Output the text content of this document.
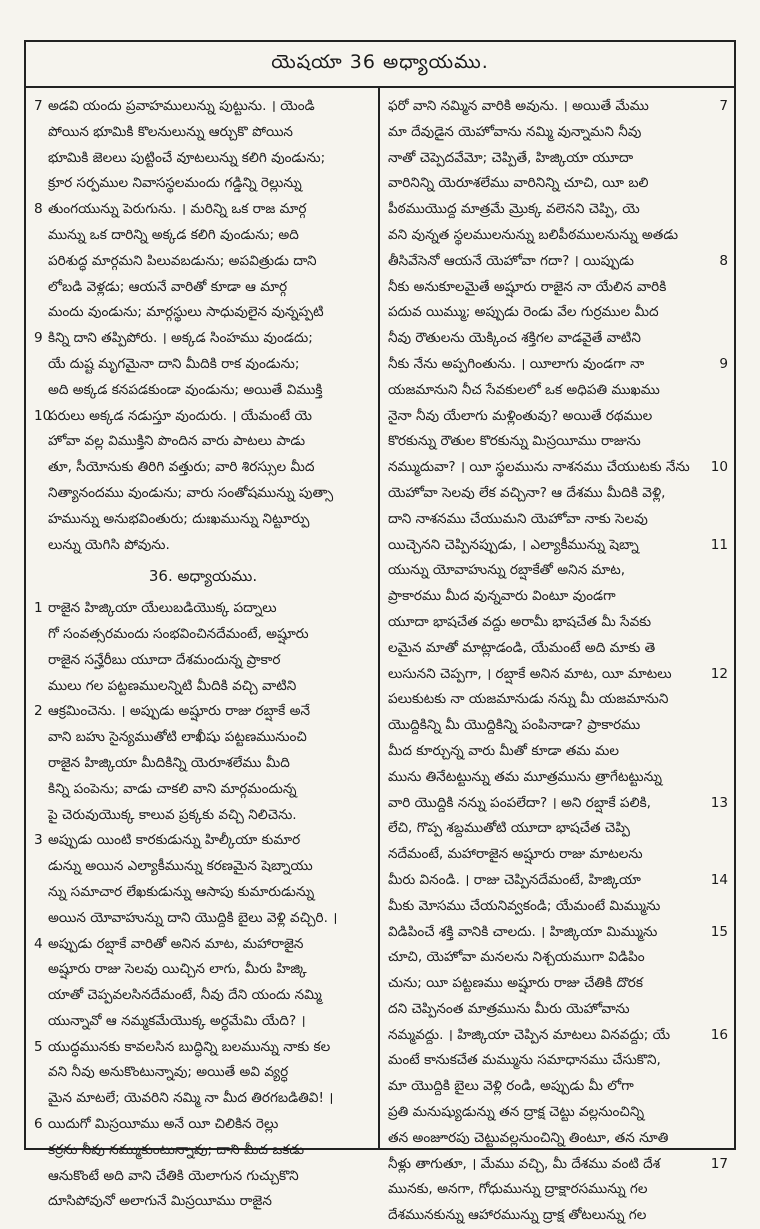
యెషయా 36 అధ్యాయము.
7 అడవి యందు ప్రవాహములున్ను పుట్టును. । యెండి
పోయిన భూమికి కొలనులున్ను ఆర్చుకొ పోయిన
భూమికి జెలలు పుట్టించే వూటలున్ను కలిగి వుండును;
క్రూర సర్పముల నివాసస్థలమందు గడ్డిన్ని రెల్లున్ను
8 తుంగయున్ను పెరుగును. । మరిన్ని ఒక రాజ మార్గ
మున్ను ఒక దారిన్ని అక్కడ కలిగి వుండును; అది
పరిశుద్ధ మార్గమని పిలువబడును; అపవిత్రుడు దాని
లోబడి వెళ్లడు; ఆయనే వారితో కూడా ఆ మార్గ
మందు వుండును; మార్గస్థులు సాధువులైన వున్నప్పటి
9 కిన్ని దాని తప్పిపోరు. । అక్కడ సింహము వుండదు;
యే దుష్ట మృగమైనా దాని మీదికి రాక వుండును;
అది అక్కడ కనపడకుండా వుండును; అయితే విముక్తి
10
పరులు అక్కడ నడుస్తూ వుందురు. । యేమంటే యె
హోవా వల్ల విముక్తిని పొందిన వారు పాటలు పాడు
తూ, సీయోనుకు తిరిగి వత్తురు; వారి శిరస్సుల మీద
నిత్యానందము వుండును; వారు సంతోషమున్ను పుత్సా
హమున్ను అనుభవింతురు; దుఃఖమున్ను నిట్టూర్పు
లున్ను యెగిసి పోవును.
36. అధ్యాయము.
1 రాజైన హిజ్కియా యేలుబడియొక్క పద్నాలు
గో సంవత్సరమందు సంభవించినదేమంటే, అష్షూరు
రాజైన సన్హేరీబు యూదా దేశమందున్న ప్రాకార
ములు గల పట్టణములన్నిటి మీదికి వచ్చి వాటిని
2 ఆక్రమించెను. । అప్పుడు అష్షూరు రాజు రబ్షాకే అనే
వాని బహు సైన్యముతోటి లాఖీషు పట్టణమునుంచి
రాజైన హిజ్కియా మీదికిన్ని యెరూశలేము మీది
కిన్ని పంపెను; వాడు చాకలి వాని మార్గమందున్న
పై చెరువుయొక్క కాలువ ప్రక్కకు వచ్చి నిలిచెను.
3 అప్పుడు యింటి కారకుడున్ను హిల్కీయా కుమార
డున్ను అయిన ఎల్యాకీమున్ను కరణమైన షెబ్నాయు
న్ను సమాచార లేఖకుడున్ను ఆసాపు కుమారుడున్ను
అయిన యోవాహున్ను దాని యొద్దికి బైలు వెళ్లి వచ్చిరి. ।
4 అప్పుడు రబ్షాకే వారితో అనిన మాట, మహారాజైన
అష్షూరు రాజు సెలవు యిచ్చిన లాగు, మీరు హిజ్కి
యాతో చెప్పవలసినదేమంటే, నీవు దేని యందు నమ్మి
యున్నావో ఆ నమ్మకమేయొక్క అర్ధమేమి యేది? ।
5 యుద్ధమునకు కావలసిన బుద్ధిన్ని బలమున్ను నాకు కల
వని నీవు అనుకొంటున్నావు; అయితే అవి వ్యర్ధ
మైన మాటలే; యెవరిని నమ్మి నా మీద తిరగబడితివి! ।
6 యిదుగో మిస్రయీము అనే యీ చిలికిన రెల్లు
కర్రను నీవు నమ్ముకుంటున్నావు; దాని మీద ఒకడు
ఆనుకొంటే అది వాని చేతికి యెలాగున గుచ్చుకొని
దూసిపోవునో అలాగునే మిస్రయీము రాజైన
ఫరో వాని నమ్మిన వారికి అవును. । అయితే మేము	7
మా దేవుడైన యెహోవాను నమ్మి వున్నామని నీవు
నాతో చెప్పెదవేమో; చెప్పితే, హిజ్కియా యూదా
వారినిన్ని యెరూశలేము వారినిన్ని చూచి, యీ బలి
పీఠముయొద్ద మాత్రమే మ్రొక్క వలెనని చెప్పి, యె
వని వున్నత స్థలములనున్ను బలిపీఠములనున్ను అతడు
తీసివేసెనో ఆయనే యెహోవా గదా? । యిప్పుడు	8
నీకు అనుకూలమైతే అష్షూరు రాజైన నా యేలిన వారికి
పదువ యిమ్ము; అప్పుడు రెండు వేల గుర్రముల మీద
నీవు రౌతులను యెక్కించ శక్తిగల వాడవైతే వాటిని
నీకు నేను అప్పగింతును. । యీలాగు వుండగా నా	9
యజమానుని నీచ సేవకులలో ఒక అధిపతి ముఖము
నైనా నీవు యేలాగు మళ్లింతువు? అయితే రథముల
కొరకున్ను రౌతుల కొరకున్ను మిస్రయీము రాజును
నమ్ముదువా? । యీ స్థలమును నాశనము చేయుటకు నేను	10
యెహోవా సెలవు లేక వచ్చినా? ఆ దేశము మీదికి వెళ్లి,
దాని నాశనము చేయుమని యెహోవా నాకు సెలవు
యిచ్చెనని చెప్పినప్పుడు, । ఎల్యాకీమున్ను షెబ్నా	11
యున్ను యోవాహున్ను రబ్షాకేతో అనిన మాట,
ప్రాకారము మీద వున్నవారు వింటూ వుండగా
యూదా భాషచేత వద్దు అరామీ భాషచేత మీ సేవకు
లమైన మాతో మాట్లాడండి, యేమంటే అది మాకు తె
లుసునని చెప్పగా, । రబ్షాకే అనిన మాట, యీ మాటలు	12
పలుకుటకు నా యజమానుడు నన్ను మీ యజమానుని
యొద్దికిన్ని మీ యొద్దికిన్ని పంపినాడా? ప్రాకారము
మీద కూర్చున్న వారు మీతో కూడా తమ మల
మును తినేటట్టున్ను తమ మూత్రమును త్రాగేటట్టున్ను
వారి యొద్దికి నన్ను పంపలేదా? । అని రబ్షాకే పలికి,	13
లేచి, గొప్ప శబ్దముతోటి యూదా భాషచేత చెప్పి
నదేమంటే, మహారాజైన అష్షూరు రాజు మాటలను
మీరు వినండి. । రాజు చెప్పినదేమంటే, హిజ్కియా	14
మీకు మోసము చేయనివ్వకండి; యేమంటే మిమ్మును
విడిపించే శక్తి వానికి చాలదు. । హిజ్కియా మిమ్మును	15
చూచి, యెహోవా మనలను నిశ్చయముగా విడిపిం
చును; యీ పట్టణము అష్షూరు రాజు చేతికి దొరక
దని చెప్పినంత మాత్రమును మీరు యెహోవాను
నమ్మవద్దు. । హిజ్కియా చెప్పిన మాటలు వినవద్దు; యే	16
మంటే కానుకచేత మమ్మును సమాధానము చేసుకొని,
మా యొద్దికి బైలు వెళ్లి రండి, అప్పుడు మీ లోగా
ప్రతి మనుష్యుడున్ను తన ద్రాక్ష చెట్టు వల్లనుంచిన్ని
తన అంజూరపు చెట్టువల్లనుంచిన్ని తింటూ, తన నూతి
నీళ్లు తాగుతూ, । మేము వచ్చి, మీ దేశము వంటి దేశ	17
మునకు, అనగా, గోధుమున్ను ద్రాక్షారసమున్ను గల
దేశమునకున్ను ఆహారమున్ను ద్రాక్ష తోటలున్ను గల
